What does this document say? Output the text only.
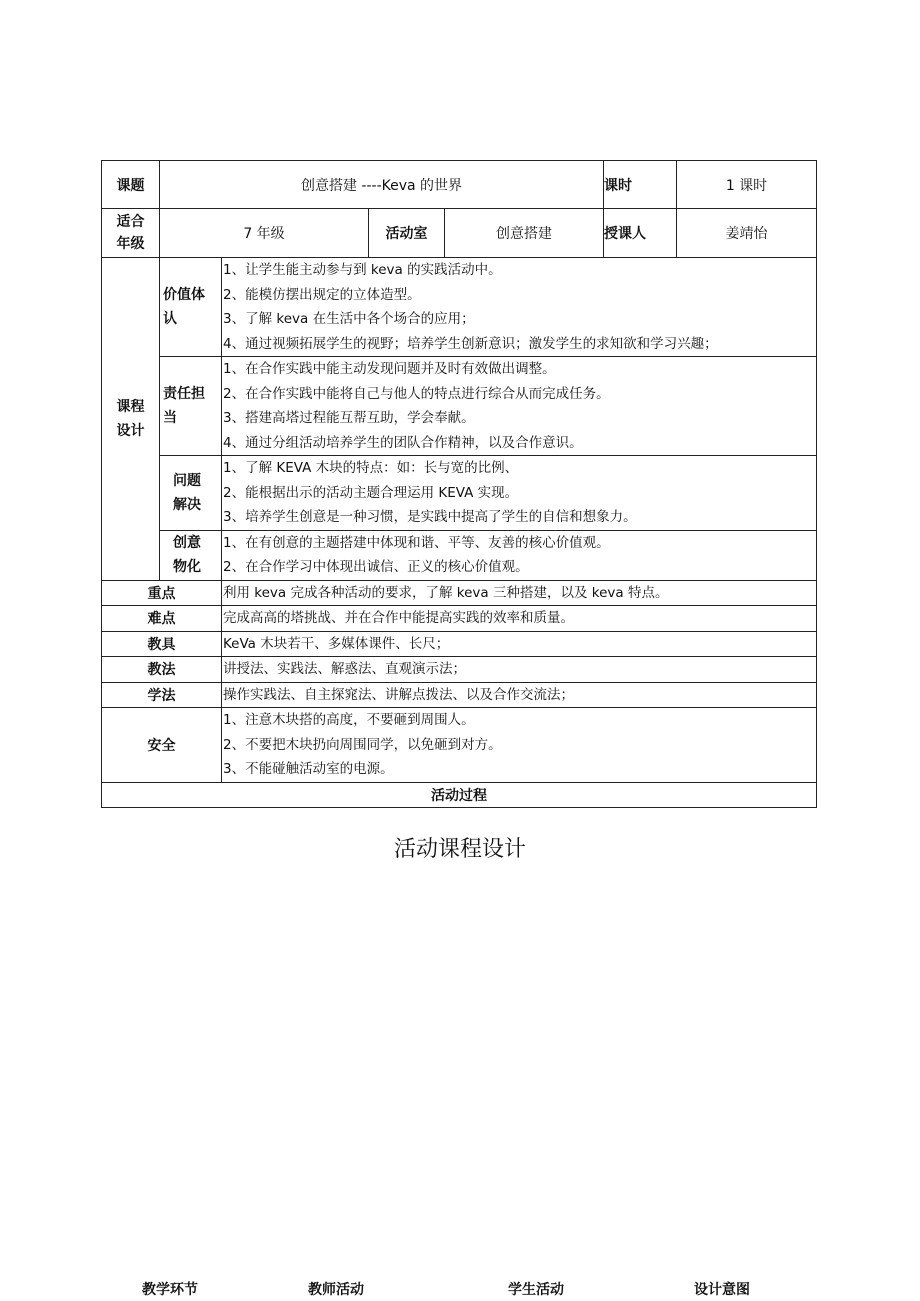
课题	创意搭建 ----Keva 的世界				课时	1 课时

适合年级	7 年级		活动室	创意搭建	授课人	姜靖怡

课程设计	价值体认	1、让学生能主动参与到 keva 的实践活动中。
2、能模仿摆出规定的立体造型。
3、了解 keva 在生活中各个场合的应用；
4、通过视频拓展学生的视野；培养学生创新意识；激发学生的求知欲和学习兴趣；				

	责任担当	1、在合作实践中能主动发现问题并及时有效做出调整。
2、在合作实践中能将自己与他人的特点进行综合从而完成任务。
3、搭建高塔过程能互帮互助，学会奉献。
4、通过分组活动培养学生的团队合作精神，以及合作意识。				

	问题解决	1、了解 KEVA 木块的特点：如：长与宽的比例、
2、能根据出示的活动主题合理运用 KEVA 实现。
3、培养学生创意是一种习惯，是实践中提高了学生的自信和想象力。				

	创意物化	1、在有创意的主题搭建中体现和谐、平等、友善的核心价值观。
2、在合作学习中体现出诚信、正义的核心价值观。				

重点		利用 keva 完成各种活动的要求，了解 keva 三种搭建，以及 keva 特点。				

难点		完成高高的塔挑战、并在合作中能提高实践的效率和质量。				

教具		KeVa 木块若干、多媒体课件、长尺；				

教法		讲授法、实践法、解惑法、直观演示法；				

学法		操作实践法、自主探窕法、讲解点拨法、以及合作交流法；				

安全		1、注意木块搭的高度，不要砸到周围人。
2、不要把木块扔向周围同学，以免砸到对方。
3、不能碰触活动室的电源。				

活动过程						
活动课程设计
教学环节	教师活动	学生活动	设计意图
